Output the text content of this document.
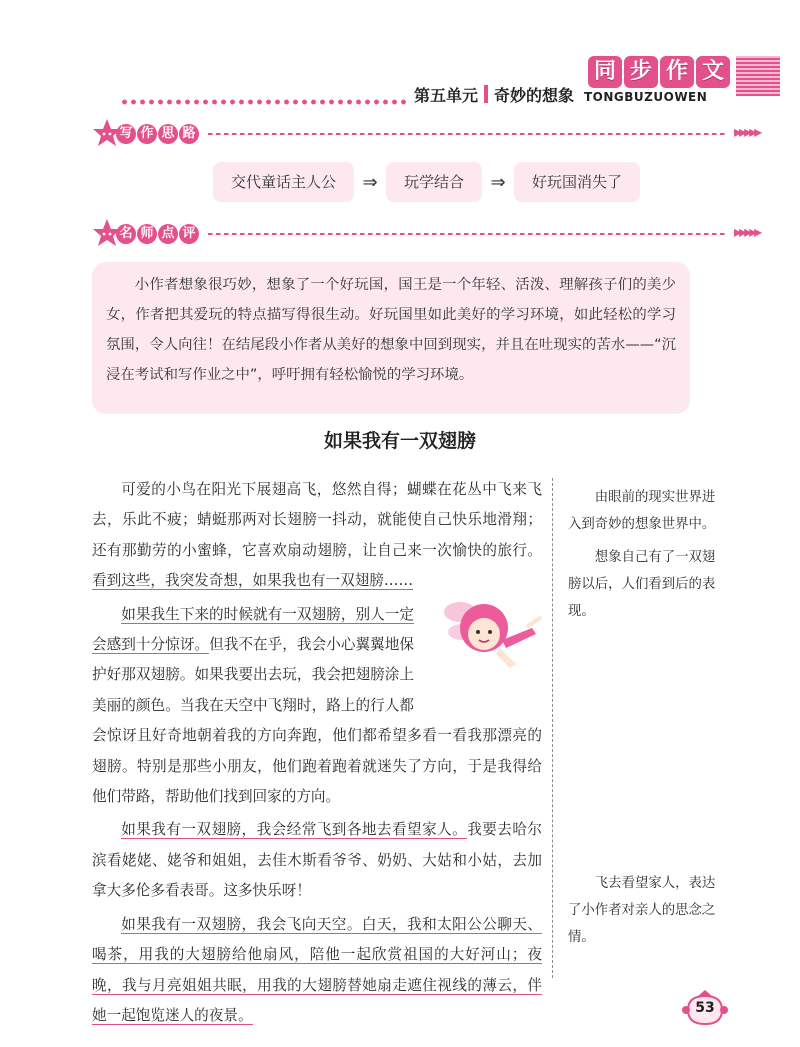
第五单元 奇妙的想象
同 步 作 文
TONGBUZUOWEN
写 作 思 路	▸▸▸▸▸
交代童话主人公	⇒	玩学结合	⇒	好玩国消失了
名 师 点 评	▸▸▸▸▸
小作者想象很巧妙，想象了一个好玩国，国王是一个年轻、活泼、理解孩子们的美少女，作者把其爱玩的特点描写得很生动。好玩国里如此美好的学习环境，如此轻松的学习氛围，令人向往！在结尾段小作者从美好的想象中回到现实，并且在吐现实的苦水——“沉浸在考试和写作业之中”，呼吁拥有轻松愉悦的学习环境。
如果我有一双翅膀

可爱的小鸟在阳光下展翅高飞，悠然自得；蝴蝶在花丛中飞来飞去，乐此不疲；蜻蜓那两对长翅膀一抖动，就能使自己快乐地滑翔；还有那勤劳的小蜜蜂，它喜欢扇动翅膀，让自己来一次愉快的旅行。看到这些，我突发奇想，如果我也有一双翅膀……

如果我生下来的时候就有一双翅膀，别人一定会感到十分惊讶。但我不在乎，我会小心翼翼地保护好那双翅膀。如果我要出去玩，我会把翅膀涂上美丽的颜色。当我在天空中飞翔时，路上的行人都会惊讶且好奇地朝着我的方向奔跑，他们都希望多看一看我那漂亮的翅膀。特别是那些小朋友，他们跑着跑着就迷失了方向，于是我得给他们带路，帮助他们找到回家的方向。

如果我有一双翅膀，我会经常飞到各地去看望家人。我要去哈尔滨看姥姥、姥爷和姐姐，去佳木斯看爷爷、奶奶、大姑和小姑，去加拿大多伦多看表哥。这多快乐呀！

如果我有一双翅膀，我会飞向天空。白天，我和太阳公公聊天、喝茶，用我的大翅膀给他扇风，陪他一起欣赏祖国的大好河山；夜晚，我与月亮姐姐共眠，用我的大翅膀替她扇走遮住视线的薄云，伴她一起饱览迷人的夜景。

由眼前的现实世界进入到奇妙的想象世界中。

想象自己有了一双翅膀以后，人们看到后的表现。

飞去看望家人，表达了小作者对亲人的思念之情。

53
